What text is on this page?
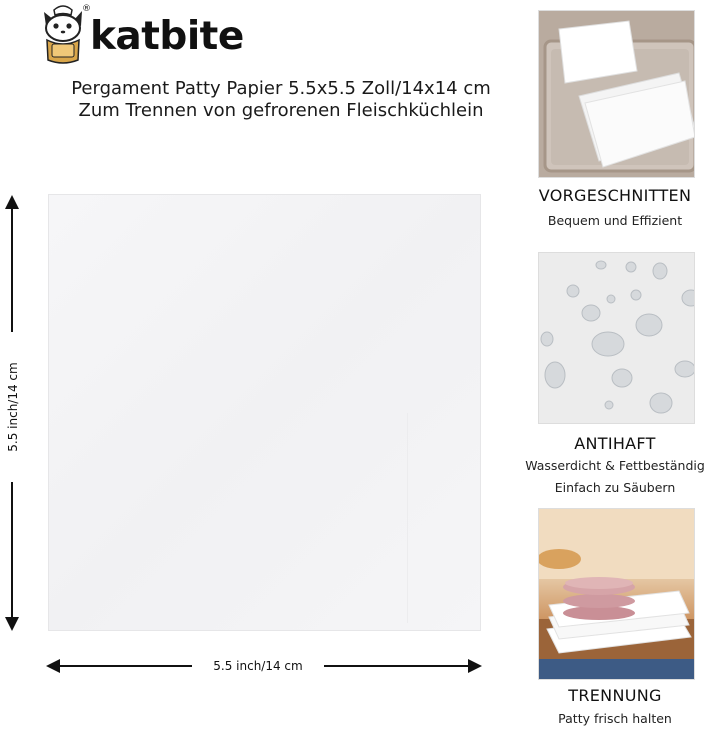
®
katbite
Pergament Patty Papier 5.5x5.5 Zoll/14x14 cm
Zum Trennen von gefrorenen Fleischküchlein
5.5 inch/14 cm
5.5 inch/14 cm
VORGESCHNITTEN
Bequem und Effizient
ANTIHAFT
Wasserdicht & Fettbeständig
Einfach zu Säubern
TRENNUNG
Patty frisch halten
